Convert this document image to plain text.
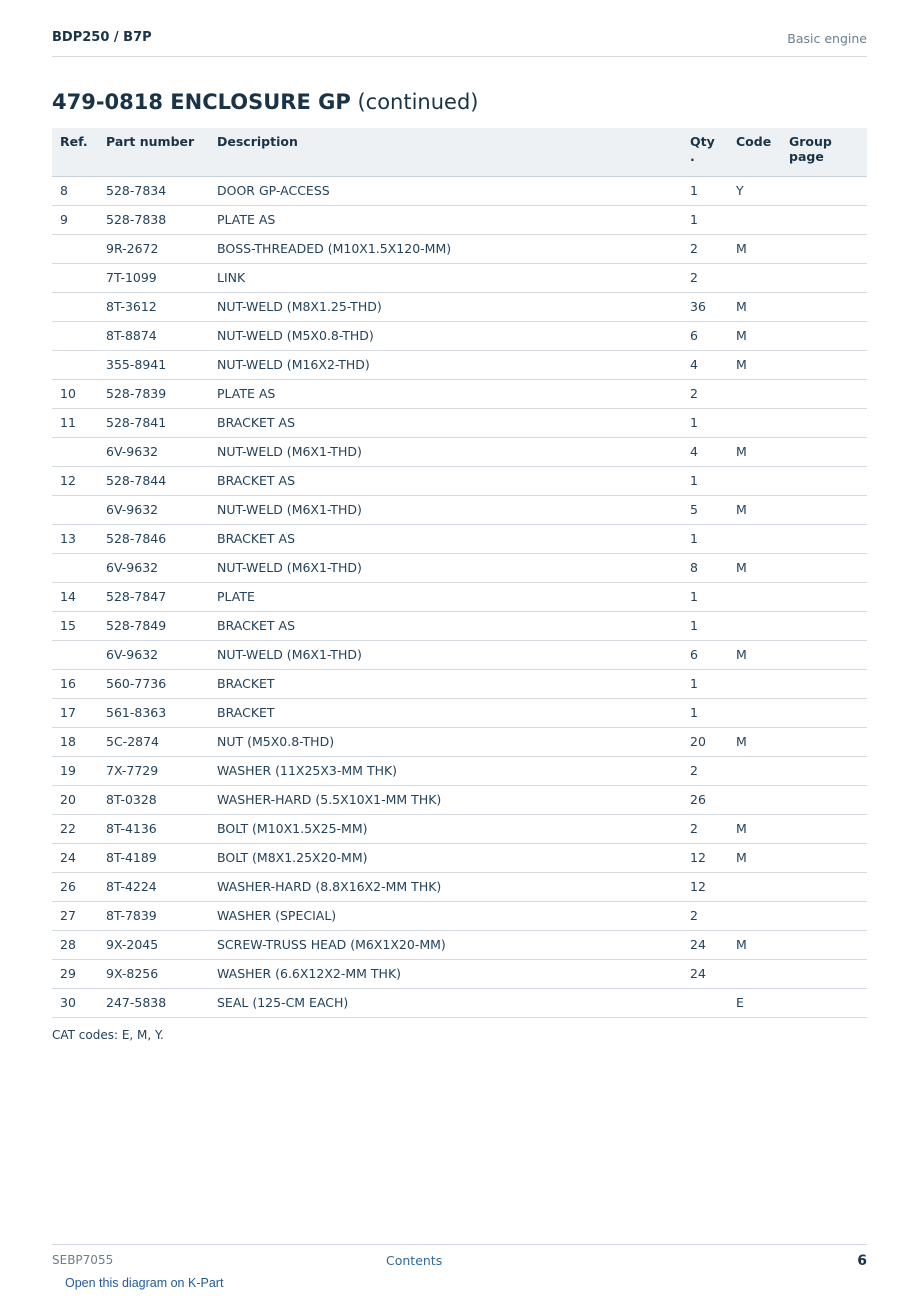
BDP250 / B7P	Basic engine
479-0818 ENCLOSURE GP (continued)
Ref.	Part number	Description	Qty .	Code	Group page
8	528-7834	DOOR GP-ACCESS	1	Y	
9	528-7838	PLATE AS	1		
	9R-2672	BOSS-THREADED (M10X1.5X120-MM)	2	M	
	7T-1099	LINK	2		
	8T-3612	NUT-WELD (M8X1.25-THD)	36	M	
	8T-8874	NUT-WELD (M5X0.8-THD)	6	M	
	355-8941	NUT-WELD (M16X2-THD)	4	M	
10	528-7839	PLATE AS	2		
11	528-7841	BRACKET AS	1		
	6V-9632	NUT-WELD (M6X1-THD)	4	M	
12	528-7844	BRACKET AS	1		
	6V-9632	NUT-WELD (M6X1-THD)	5	M	
13	528-7846	BRACKET AS	1		
	6V-9632	NUT-WELD (M6X1-THD)	8	M	
14	528-7847	PLATE	1		
15	528-7849	BRACKET AS	1		
	6V-9632	NUT-WELD (M6X1-THD)	6	M	
16	560-7736	BRACKET	1		
17	561-8363	BRACKET	1		
18	5C-2874	NUT (M5X0.8-THD)	20	M	
19	7X-7729	WASHER (11X25X3-MM THK)	2		
20	8T-0328	WASHER-HARD (5.5X10X1-MM THK)	26		
22	8T-4136	BOLT (M10X1.5X25-MM)	2	M	
24	8T-4189	BOLT (M8X1.25X20-MM)	12	M	
26	8T-4224	WASHER-HARD (8.8X16X2-MM THK)	12		
27	8T-7839	WASHER (SPECIAL)	2		
28	9X-2045	SCREW-TRUSS HEAD (M6X1X20-MM)	24	M	
29	9X-8256	WASHER (6.6X12X2-MM THK)	24		
30	247-5838	SEAL (125-CM EACH)		E	
CAT codes: E, M, Y.
SEBP7055	Contents	6
Open this diagram on K-Part
